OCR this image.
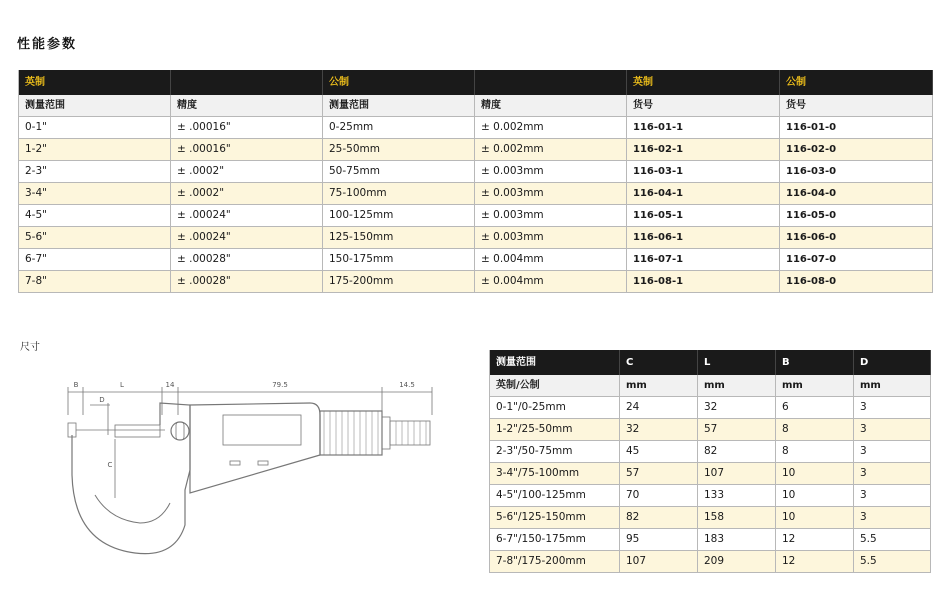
性能参数
英制		公制		英制	公制
测量范围	精度	测量范围	精度	货号	货号
0-1"	± .00016"	0-25mm	± 0.002mm	116-01-1	116-01-0
1-2"	± .00016"	25-50mm	± 0.002mm	116-02-1	116-02-0
2-3"	± .0002"	50-75mm	± 0.003mm	116-03-1	116-03-0
3-4"	± .0002"	75-100mm	± 0.003mm	116-04-1	116-04-0
4-5"	± .00024"	100-125mm	± 0.003mm	116-05-1	116-05-0
5-6"	± .00024"	125-150mm	± 0.003mm	116-06-1	116-06-0
6-7"	± .00028"	150-175mm	± 0.004mm	116-07-1	116-07-0
7-8"	± .00028"	175-200mm	± 0.004mm	116-08-1	116-08-0
尺寸
B	L	14	79.5	14.5
D
C
测量范围	C	L	B	D
英制/公制	mm	mm	mm	mm
0-1"/0-25mm	24	32	6	3
1-2"/25-50mm	32	57	8	3
2-3"/50-75mm	45	82	8	3
3-4"/75-100mm	57	107	10	3
4-5"/100-125mm	70	133	10	3
5-6"/125-150mm	82	158	10	3
6-7"/150-175mm	95	183	12	5.5
7-8"/175-200mm	107	209	12	5.5
